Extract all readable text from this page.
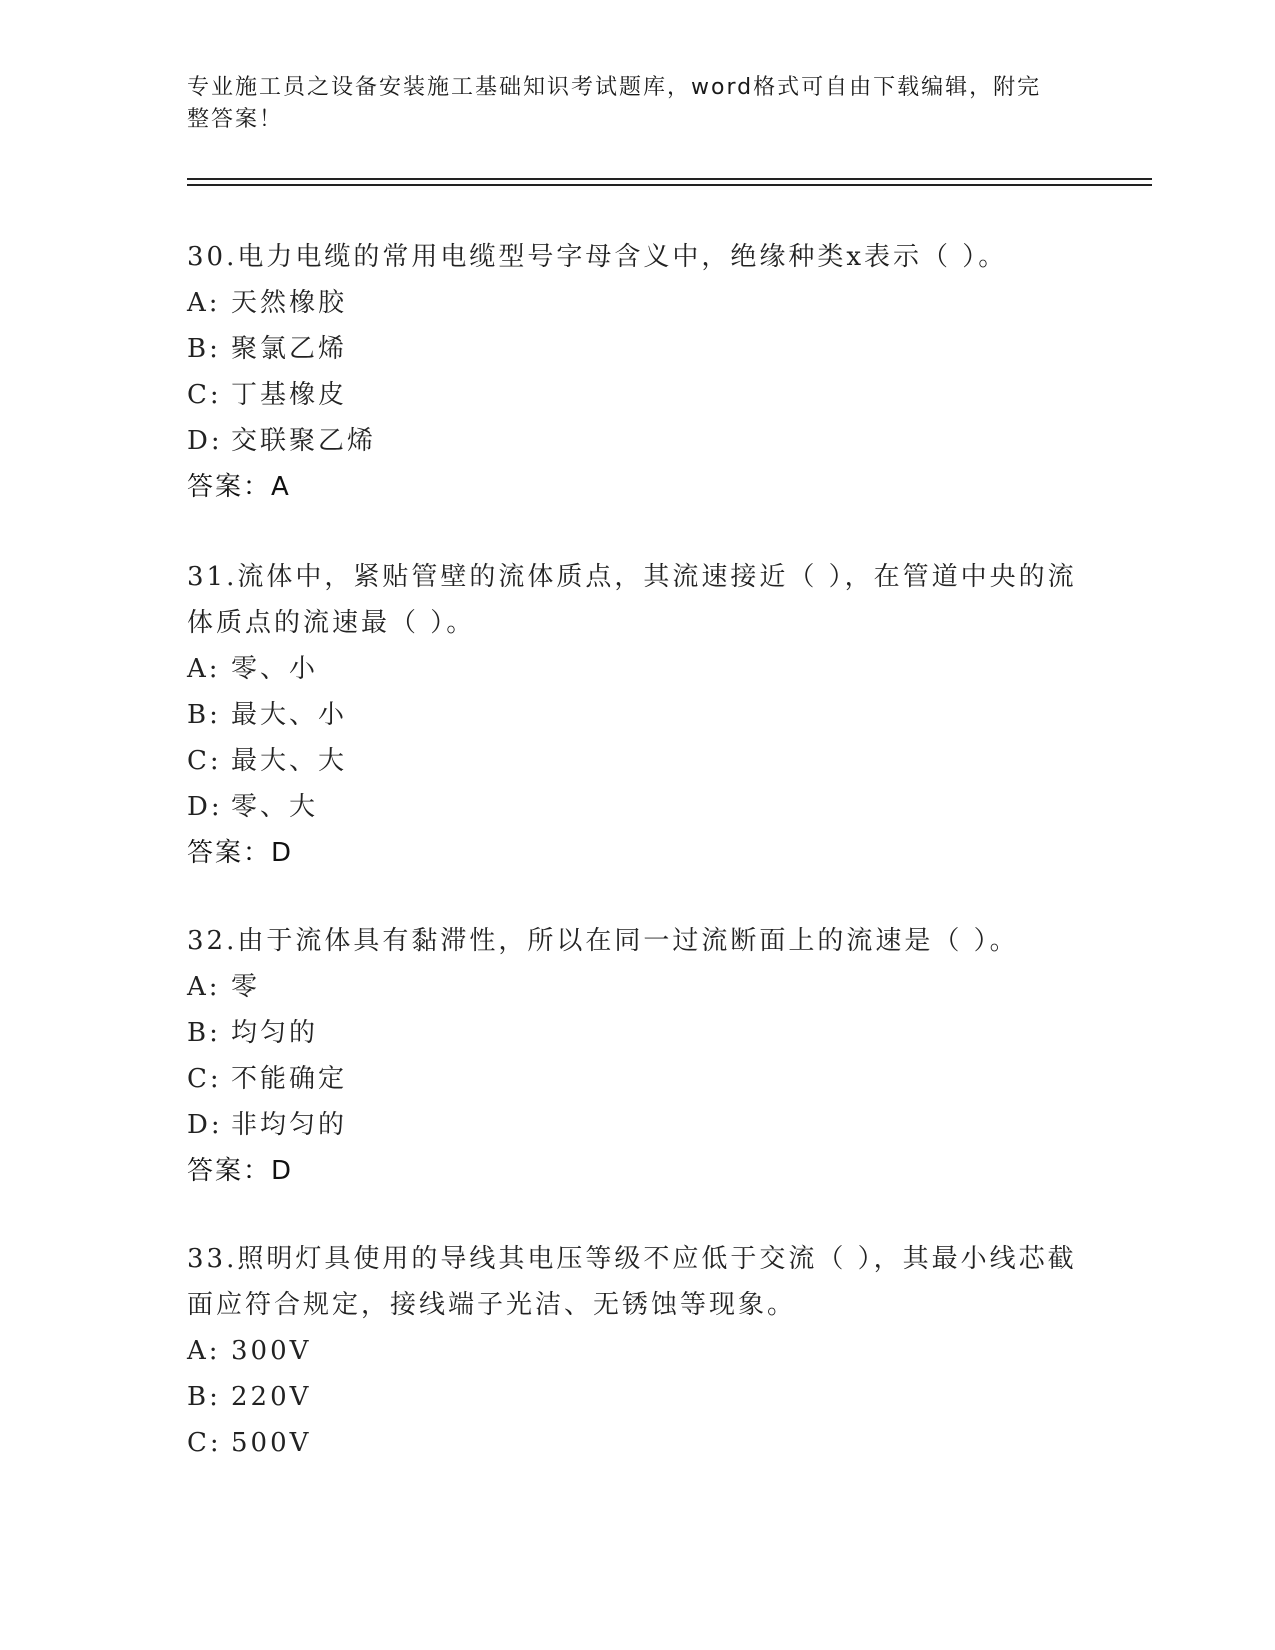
专业施工员之设备安装施工基础知识考试题库，word格式可自由下载编辑，附完
整答案！

30.电力电缆的常用电缆型号字母含义中，绝缘种类x表示（ ）。

A: 天然橡胶
B: 聚氯乙烯
C: 丁基橡皮
D: 交联聚乙烯
答案：A

31.流体中，紧贴管壁的流体质点，其流速接近（ ），在管道中央的流体质点的流速最（ ）。

A: 零、小
B: 最大、小
C: 最大、大
D: 零、大
答案：D

32.由于流体具有黏滞性，所以在同一过流断面上的流速是（ ）。

A: 零
B: 均匀的
C: 不能确定
D: 非均匀的
答案：D

33.照明灯具使用的导线其电压等级不应低于交流（ ），其最小线芯截面应符合规定，接线端子光洁、无锈蚀等现象。

A: 300V
B: 220V
C: 500V
